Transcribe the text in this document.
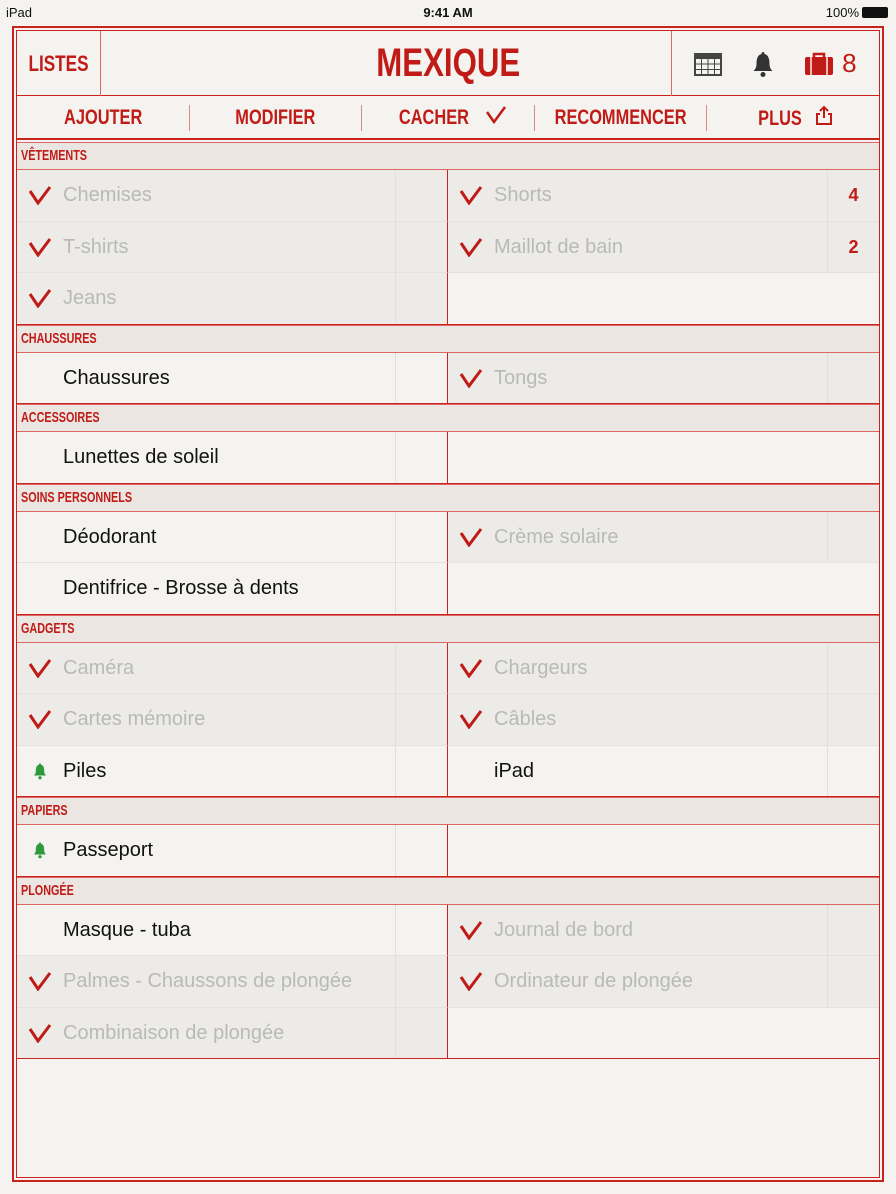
iPad	9:41 AM	100%
MEXIQUE
LISTES	8
AJOUTER	MODIFIER	CACHER	RECOMMENCER	PLUS
VÊTEMENTS
Chemises	Shorts	4
T-shirts	Maillot de bain	2
Jeans
CHAUSSURES
Chaussures	Tongs
ACCESSOIRES
Lunettes de soleil
SOINS PERSONNELS
Déodorant	Crème solaire
Dentifrice - Brosse à dents
GADGETS
Caméra	Chargeurs
Cartes mémoire	Câbles
Piles	iPad
PAPIERS
Passeport
PLONGÉE
Masque - tuba	Journal de bord
Palmes - Chaussons de plongée	Ordinateur de plongée
Combinaison de plongée
